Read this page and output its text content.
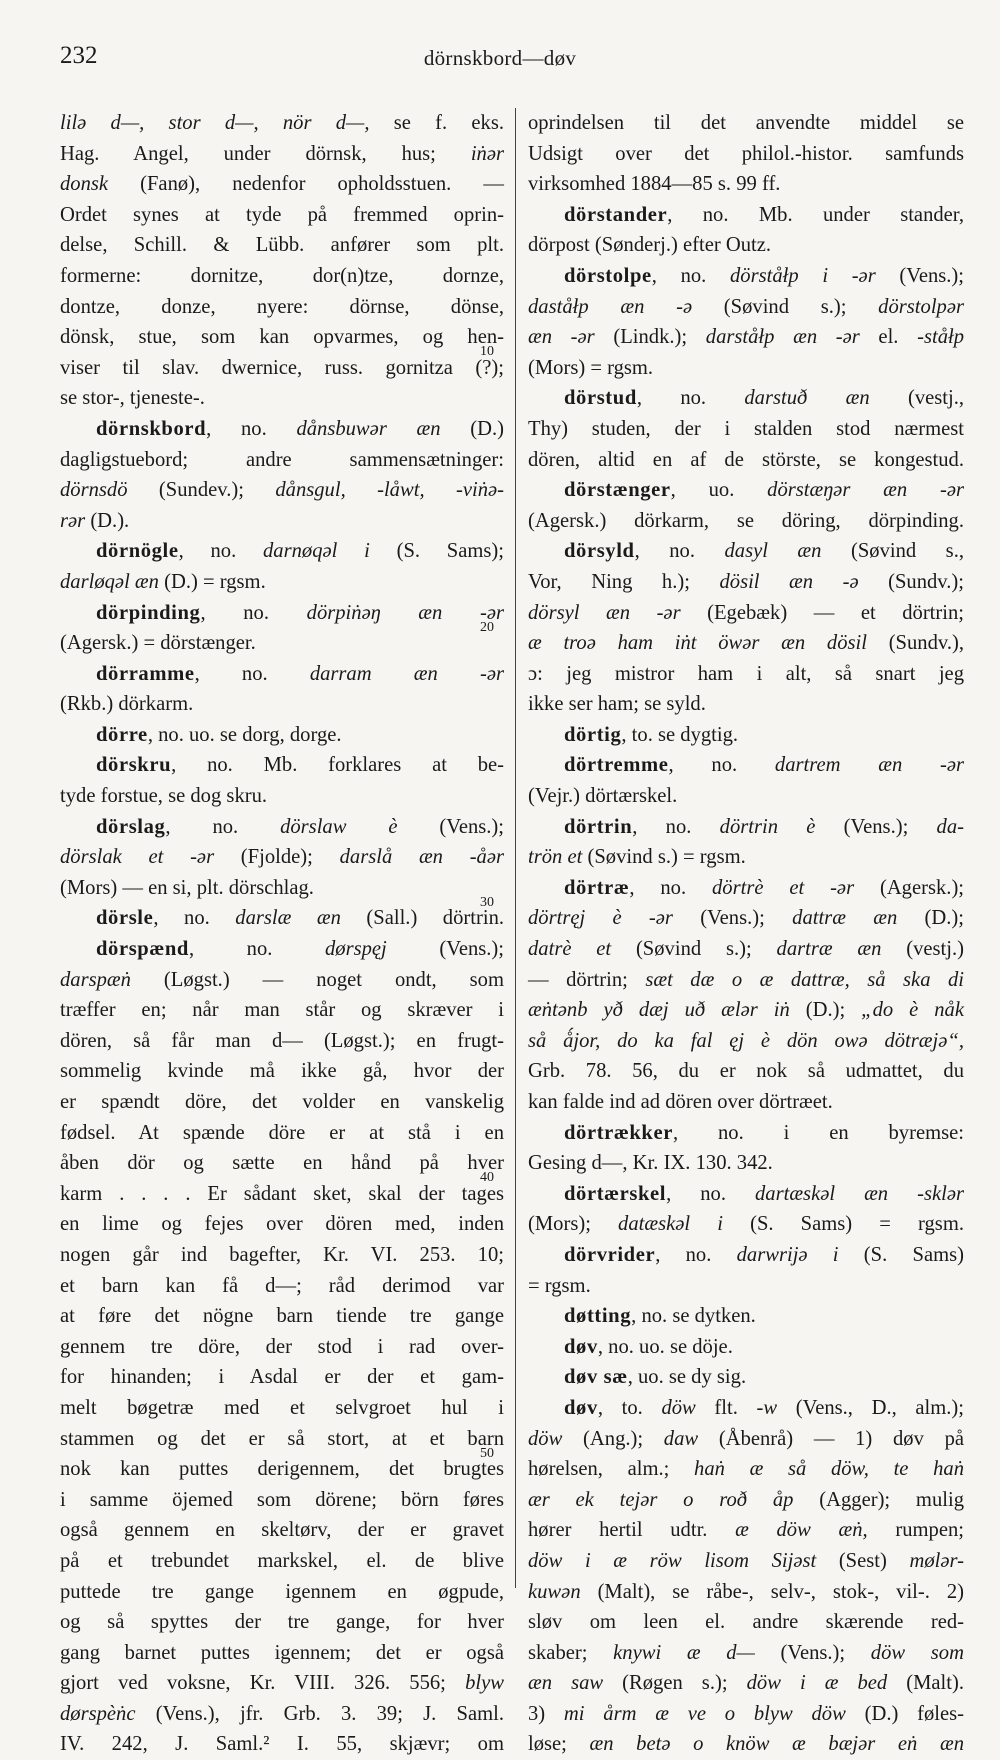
232	dörnskbord—døv
lilə d—, stor d—, nör d—, se f. eks.
Hag. Angel, under dörnsk, hus; iṅər
donsk (Fanø), nedenfor opholdsstuen. —
Ordet synes at tyde på fremmed oprin-
delse, Schill. & Lübb. anfører som plt.
formerne: dornitze, dor(n)tze, dornze,
dontze, donze, nyere: dörnse, dönse,
dönsk, stue, som kan opvarmes, og hen-
viser til slav. dwernice, russ. gornitza (?);
se stor-, tjeneste-.
dörnskbord, no. dånsbuwər æn (D.)
dagligstuebord; andre sammensætninger:
dörnsdö (Sundev.); dånsgul, -låwt, -viṅə-
rər (D.).
dörnögle, no. darnøqəl i (S. Sams);
darløqəl æn (D.) = rgsm.
dörpinding, no. dörpiṅəŋ æn -ər
(Agersk.) = dörstænger.
dörramme, no. darram æn -ər
(Rkb.) dörkarm.
dörre, no. uo. se dorg, dorge.
dörskru, no. Mb. forklares at be-
tyde forstue, se dog skru.
dörslag, no. dörslaw è (Vens.);
dörslak et -ər (Fjolde); darslå æn -åər
(Mors) — en si, plt. dörschlag.
dörsle, no. darslæ æn (Sall.) dörtrin.
dörspænd, no. dørspęj (Vens.);
darspæṅ (Løgst.) — noget ondt, som
træffer en; når man står og skræver i
dören, så får man d— (Løgst.); en frugt-
sommelig kvinde må ikke gå, hvor der
er spændt döre, det volder en vanskelig
fødsel. At spænde döre er at stå i en
åben dör og sætte en hånd på hver
karm . . . . Er sådant sket, skal der tages
en lime og fejes over dören med, inden
nogen går ind bagefter, Kr. VI. 253. 10;
et barn kan få d—; råd derimod var
at føre det nögne barn tiende tre gange
gennem tre döre, der stod i rad over-
for hinanden; i Asdal er der et gam-
melt bøgetræ med et selvgroet hul i
stammen og det er så stort, at et barn
nok kan puttes derigennem, det brugtes
i samme öjemed som dörene; börn føres
også gennem en skeltørv, der er gravet
på et trebundet markskel, el. de blive
puttede tre gange igennem en øgpude,
og så spyttes der tre gange, for hver
gang barnet puttes igennem; det er også
gjort ved voksne, Kr. VIII. 326. 556; blyw
dørspèṅc (Vens.), jfr. Grb. 3. 39; J. Saml.
IV. 242, J. Saml.² I. 55, skjævr; om
oprindelsen til det anvendte middel se
Udsigt over det philol.-histor. samfunds
virksomhed 1884—85 s. 99 ff.
dörstander, no. Mb. under stander,
dörpost (Sønderj.) efter Outz.
dörstolpe, no. dörståłp i -ər (Vens.);
daståłp æn -ə (Søvind s.); dörstolpər
æn -ər (Lindk.); darståłp æn -ər el. -ståłp
(Mors) = rgsm.
dörstud, no. darstuð æn (vestj.,
Thy) studen, der i stalden stod nærmest
dören, altid en af de störste, se kongestud.
dörstænger, uo. dörstæŋər æn -ər
(Agersk.) dörkarm, se döring, dörpinding.
dörsyld, no. dasyl æn (Søvind s.,
Vor, Ning h.); dösil æn -ə (Sundv.);
dörsyl æn -ər (Egebæk) — et dörtrin;
æ troə ham iṅt öwər æn dösil (Sundv.),
ɔ: jeg mistror ham i alt, så snart jeg
ikke ser ham; se syld.
dörtig, to. se dygtig.
dörtremme, no. dartrem æn -ər
(Vejr.) dörtærskel.
dörtrin, no. dörtrin è (Vens.); da-
trön et (Søvind s.) = rgsm.
dörtræ, no. dörtrè et -ər (Agersk.);
dörtręj è -ər (Vens.); dattræ æn (D.);
datrè et (Søvind s.); dartræ æn (vestj.)
— dörtrin; sæt dæ o æ dattræ, så ska di
æṅtənb yð dæj uð ælər iṅ (D.); „do è nåk
så ǻjor, do ka fal ęj è dön owə dötræjə“,
Grb. 78. 56, du er nok så udmattet, du
kan falde ind ad dören over dörtræet.
dörtrækker, no. i en byremse:
Gesing d—, Kr. IX. 130. 342.
dörtærskel, no. dartæskəl æn -sklər
(Mors); datæskəl i (S. Sams) = rgsm.
dörvrider, no. darwrijə i (S. Sams)
= rgsm.
døtting, no. se dytken.
døv, no. uo. se döje.
døv sæ, uo. se dy sig.
døv, to. döw flt. -w (Vens., D., alm.);
döw (Ang.); daw (Åbenrå) — 1) døv på
hørelsen, alm.; haṅ æ så döw, te haṅ
ær ek tejər o roð åp (Agger); mulig
hører hertil udtr. æ döw æṅ, rumpen;
döw i æ röw lisom Sijəst (Sest) mølər-
kuwən (Malt), se råbe-, selv-, stok-, vil-. 2)
sløv om leen el. andre skærende red-
skaber; knywi æ d— (Vens.); döw som
æn saw (Røgen s.); döw i æ bed (Malt).
3) mi årm æ ve o blyw döw (D.) føles-
løse; æn betə o knöw æ bæjər eṅ æn
10
20
30
40
50
